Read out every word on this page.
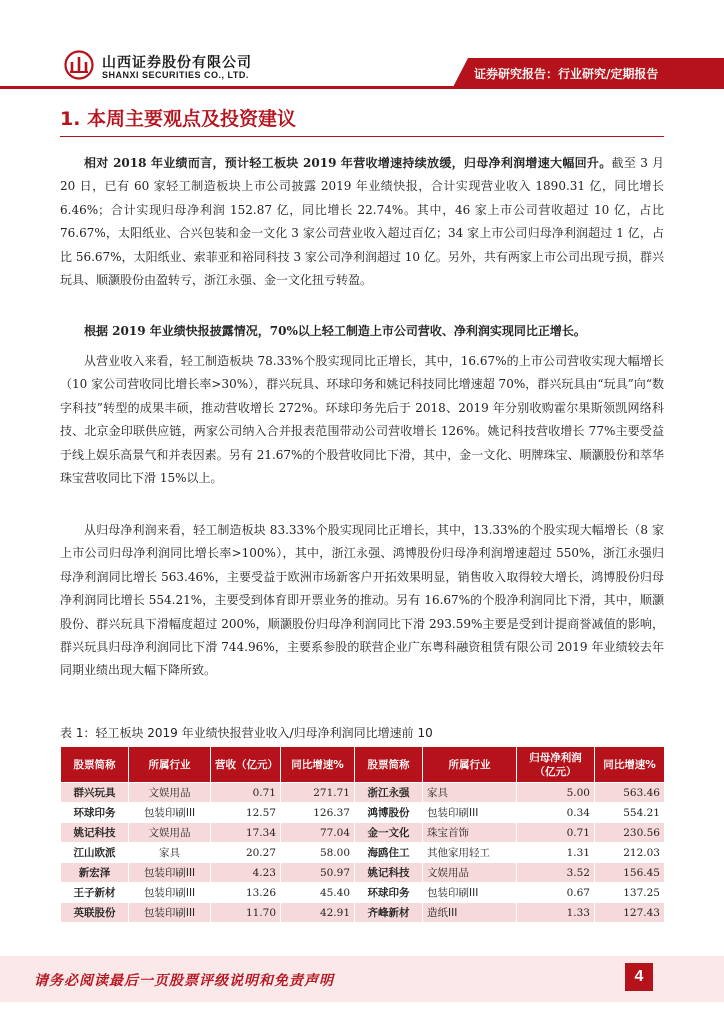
山西证券股份有限公司
SHANXI SECURITIES CO., LTD.	证券研究报告：行业研究/定期报告
1. 本周主要观点及投资建议

相对 2018 年业绩而言，预计轻工板块 2019 年营收增速持续放缓，归母净利润增速大幅回升。截至 3 月 20 日，已有 60 家轻工制造板块上市公司披露 2019 年业绩快报，合计实现营业收入 1890.31 亿，同比增长 6.46%；合计实现归母净利润 152.87 亿，同比增长 22.74%。其中，46 家上市公司营收超过 10 亿，占比 76.67%，太阳纸业、合兴包装和金一文化 3 家公司营业收入超过百亿；34 家上市公司归母净利润超过 1 亿，占比 56.67%，太阳纸业、索菲亚和裕同科技 3 家公司净利润超过 10 亿。另外，共有两家上市公司出现亏损，群兴玩具、顺灏股份由盈转亏，浙江永强、金一文化扭亏转盈。

根据 2019 年业绩快报披露情况，70%以上轻工制造上市公司营收、净利润实现同比正增长。

从营业收入来看，轻工制造板块 78.33%个股实现同比正增长，其中，16.67%的上市公司营收实现大幅增长（10 家公司营收同比增长率>30%），群兴玩具、环球印务和姚记科技同比增速超 70%，群兴玩具由“玩具”向“数字科技”转型的成果丰硕，推动营收增长 272%。环球印务先后于 2018、2019 年分别收购霍尔果斯领凯网络科技、北京金印联供应链，两家公司纳入合并报表范围带动公司营收增长 126%。姚记科技营收增长 77%主要受益于线上娱乐高景气和并表因素。另有 21.67%的个股营收同比下滑，其中，金一文化、明牌珠宝、顺灏股份和萃华珠宝营收同比下滑 15%以上。

从归母净利润来看，轻工制造板块 83.33%个股实现同比正增长，其中，13.33%的个股实现大幅增长（8 家上市公司归母净利润同比增长率>100%），其中，浙江永强、鸿博股份归母净利润增速超过 550%，浙江永强归母净利润同比增长 563.46%，主要受益于欧洲市场新客户开拓效果明显，销售收入取得较大增长，鸿博股份归母净利润同比增长 554.21%，主要受到体育即开票业务的推动。另有 16.67%的个股净利润同比下滑，其中，顺灏股份、群兴玩具下滑幅度超过 200%，顺灏股份归母净利润同比下滑 293.59%主要是受到计提商誉减值的影响，群兴玩具归母净利润同比下滑 744.96%，主要系参股的联营企业广东粤科融资租赁有限公司 2019 年业绩较去年同期业绩出现大幅下降所致。

表 1：轻工板块 2019 年业绩快报营业收入/归母净利润同比增速前 10
股票简称	所属行业	营收（亿元）	同比增速%	股票简称	所属行业	归母净利润
（亿元）	同比增速%
群兴玩具	文娱用品	0.71	271.71	浙江永强	家具	5.00	563.46
环球印务	包装印刷III	12.57	126.37	鸿博股份	包装印刷III	0.34	554.21
姚记科技	文娱用品	17.34	77.04	金一文化	珠宝首饰	0.71	230.56
江山欧派	家具	20.27	58.00	海鸥住工	其他家用轻工	1.31	212.03
新宏泽	包装印刷III	4.23	50.97	姚记科技	文娱用品	3.52	156.45
王子新材	包装印刷III	13.26	45.40	环球印务	包装印刷III	0.67	137.25
英联股份	包装印刷III	11.70	42.91	齐峰新材	造纸III	1.33	127.43
请务必阅读最后一页股票评级说明和免责声明	4
